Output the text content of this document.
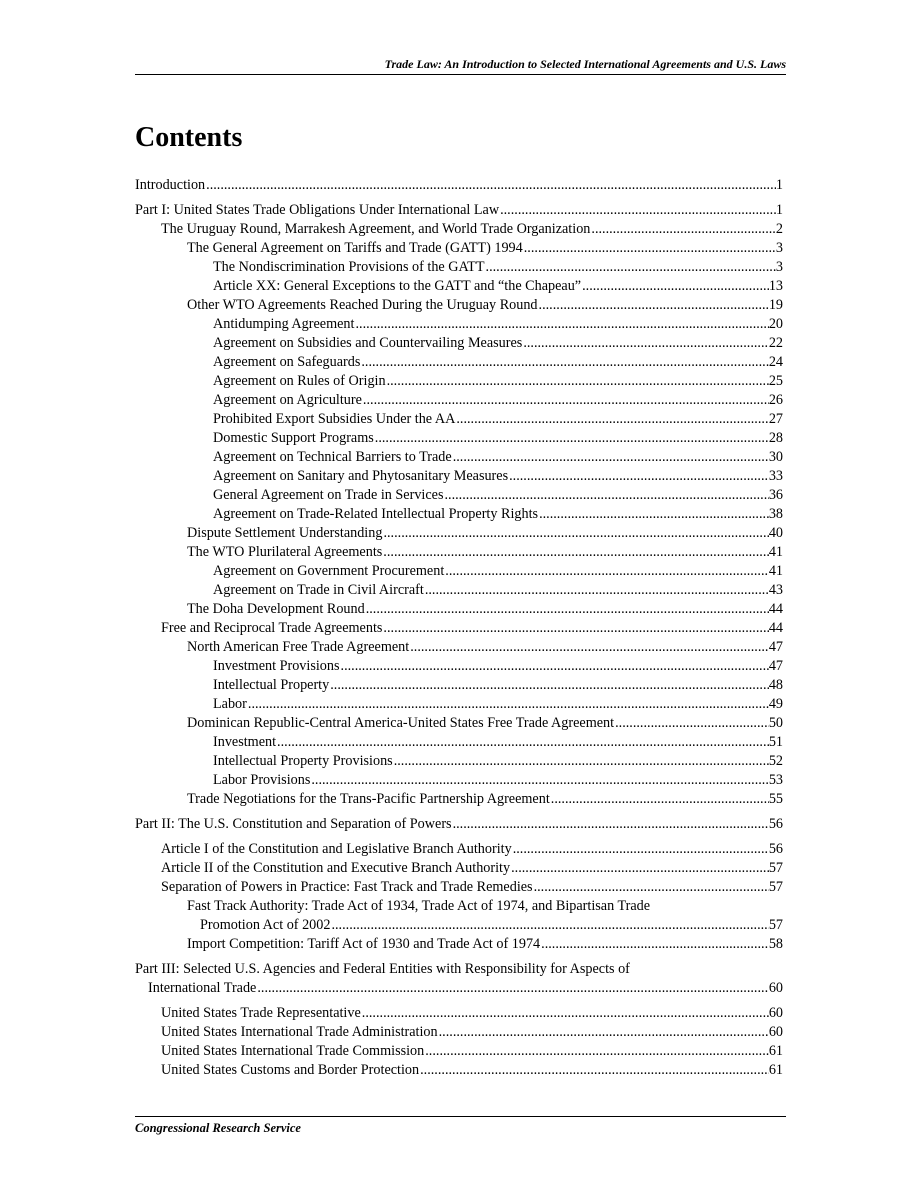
Trade Law: An Introduction to Selected International Agreements and U.S. Laws
Contents
Introduction .....	1
Part I: United States Trade Obligations Under International Law .....	1
The Uruguay Round, Marrakesh Agreement, and World Trade Organization .....	2
The General Agreement on Tariffs and Trade (GATT) 1994 .....	3
The Nondiscrimination Provisions of the GATT .....	3
Article XX: General Exceptions to the GATT and “the Chapeau” .....	13
Other WTO Agreements Reached During the Uruguay Round .....	19
Antidumping Agreement .....	20
Agreement on Subsidies and Countervailing Measures .....	22
Agreement on Safeguards .....	24
Agreement on Rules of Origin .....	25
Agreement on Agriculture .....	26
Prohibited Export Subsidies Under the AA .....	27
Domestic Support Programs .....	28
Agreement on Technical Barriers to Trade .....	30
Agreement on Sanitary and Phytosanitary Measures .....	33
General Agreement on Trade in Services .....	36
Agreement on Trade-Related Intellectual Property Rights .....	38
Dispute Settlement Understanding .....	40
The WTO Plurilateral Agreements .....	41
Agreement on Government Procurement .....	41
Agreement on Trade in Civil Aircraft .....	43
The Doha Development Round .....	44
Free and Reciprocal Trade Agreements .....	44
North American Free Trade Agreement .....	47
Investment Provisions .....	47
Intellectual Property .....	48
Labor .....	49
Dominican Republic-Central America-United States Free Trade Agreement .....	50
Investment .....	51
Intellectual Property Provisions .....	52
Labor Provisions .....	53
Trade Negotiations for the Trans-Pacific Partnership Agreement .....	55
Part II: The U.S. Constitution and Separation of Powers .....	56
Article I of the Constitution and Legislative Branch Authority .....	56
Article II of the Constitution and Executive Branch Authority .....	57
Separation of Powers in Practice: Fast Track and Trade Remedies .....	57
Fast Track Authority: Trade Act of 1934, Trade Act of 1974, and Bipartisan Trade
Promotion Act of 2002 .....	57
Import Competition: Tariff Act of 1930 and Trade Act of 1974 .....	58
Part III: Selected U.S. Agencies and Federal Entities with Responsibility for Aspects of
International Trade .....	60
United States Trade Representative .....	60
United States International Trade Administration .....	60
United States International Trade Commission .....	61
United States Customs and Border Protection .....	61
Congressional Research Service
